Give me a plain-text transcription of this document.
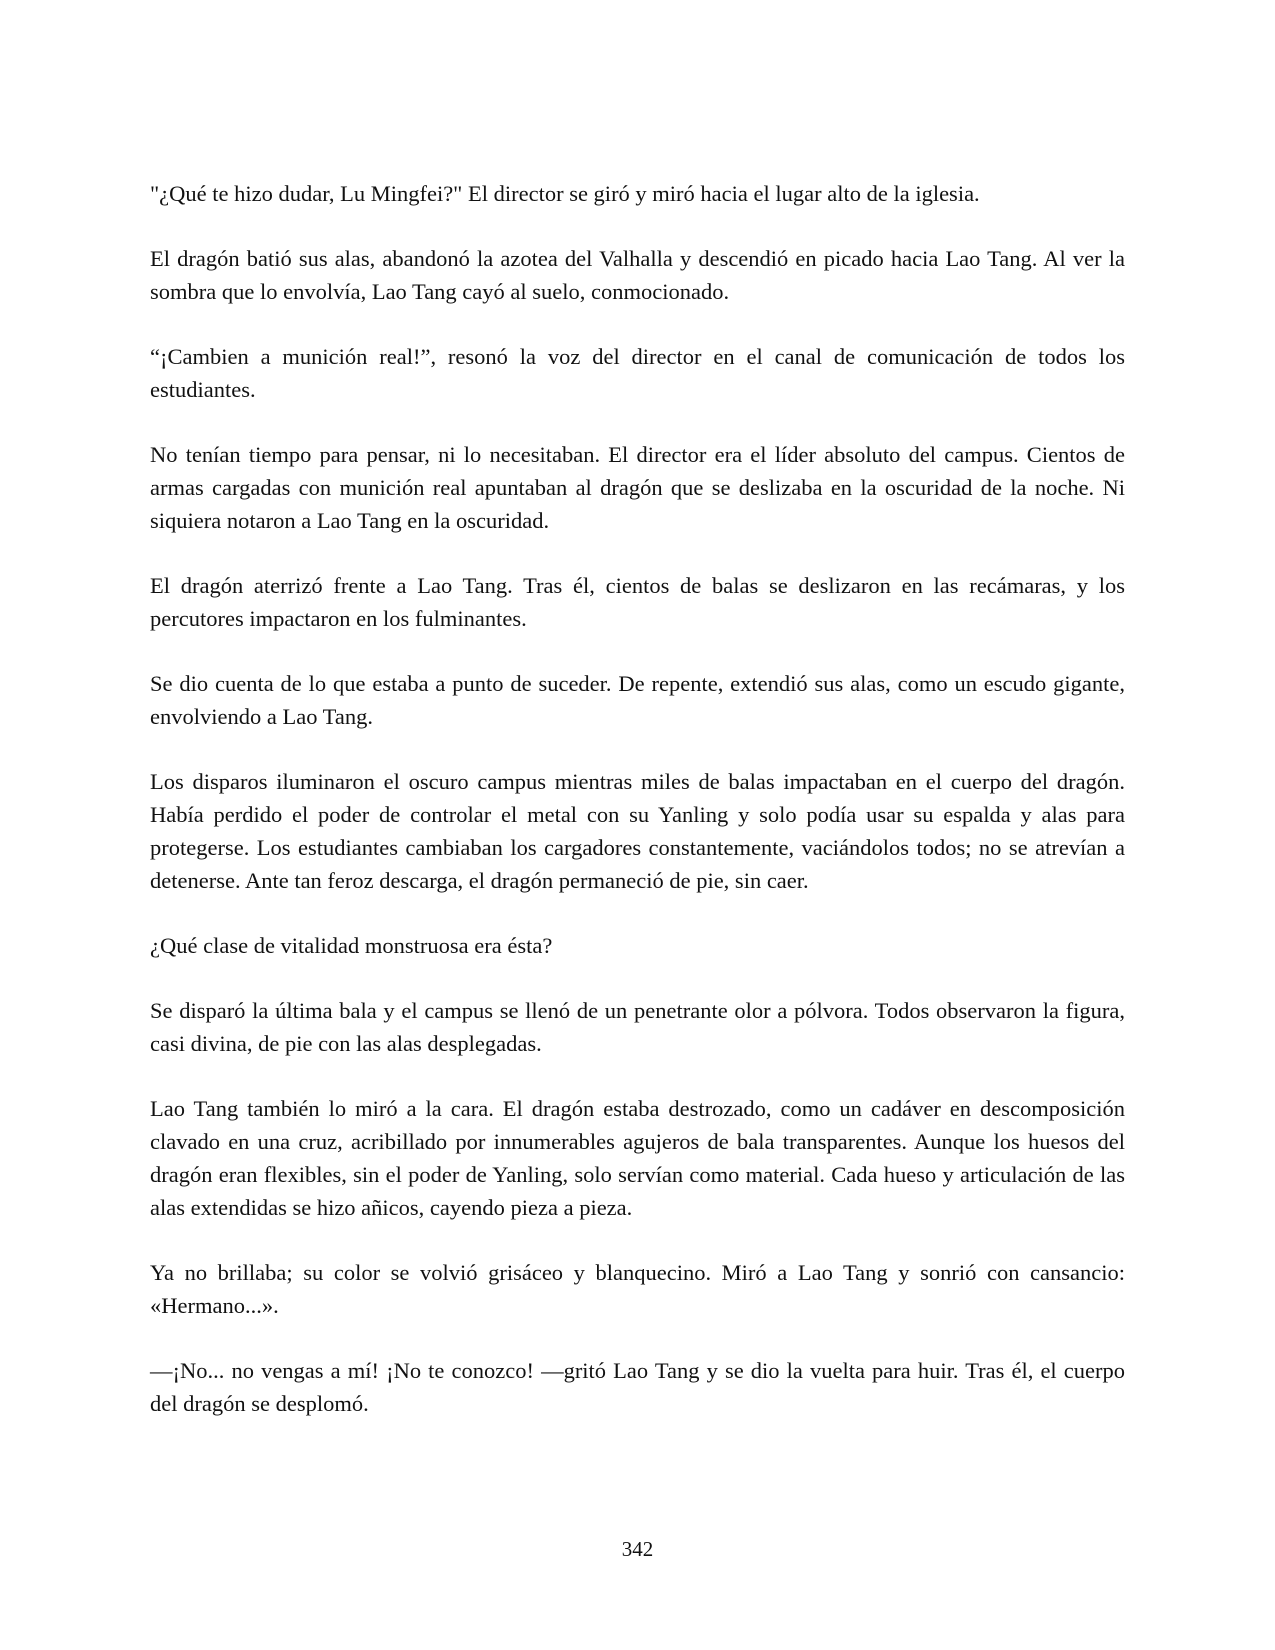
"¿Qué te hizo dudar, Lu Mingfei?" El director se giró y miró hacia el lugar alto de la iglesia.

El dragón batió sus alas, abandonó la azotea del Valhalla y descendió en picado hacia Lao Tang. Al ver la sombra que lo envolvía, Lao Tang cayó al suelo, conmocionado.

“¡Cambien a munición real!”, resonó la voz del director en el canal de comunicación de todos los estudiantes.

No tenían tiempo para pensar, ni lo necesitaban. El director era el líder absoluto del campus. Cientos de armas cargadas con munición real apuntaban al dragón que se deslizaba en la oscuridad de la noche. Ni siquiera notaron a Lao Tang en la oscuridad.

El dragón aterrizó frente a Lao Tang. Tras él, cientos de balas se deslizaron en las recámaras, y los percutores impactaron en los fulminantes.

Se dio cuenta de lo que estaba a punto de suceder. De repente, extendió sus alas, como un escudo gigante, envolviendo a Lao Tang.

Los disparos iluminaron el oscuro campus mientras miles de balas impactaban en el cuerpo del dragón. Había perdido el poder de controlar el metal con su Yanling y solo podía usar su espalda y alas para protegerse. Los estudiantes cambiaban los cargadores constantemente, vaciándolos todos; no se atrevían a detenerse. Ante tan feroz descarga, el dragón permaneció de pie, sin caer.

¿Qué clase de vitalidad monstruosa era ésta?

Se disparó la última bala y el campus se llenó de un penetrante olor a pólvora. Todos observaron la figura, casi divina, de pie con las alas desplegadas.

Lao Tang también lo miró a la cara. El dragón estaba destrozado, como un cadáver en descomposición clavado en una cruz, acribillado por innumerables agujeros de bala transparentes. Aunque los huesos del dragón eran flexibles, sin el poder de Yanling, solo servían como material. Cada hueso y articulación de las alas extendidas se hizo añicos, cayendo pieza a pieza.

Ya no brillaba; su color se volvió grisáceo y blanquecino. Miró a Lao Tang y sonrió con cansancio: «Hermano...».

—¡No... no vengas a mí! ¡No te conozco! —gritó Lao Tang y se dio la vuelta para huir. Tras él, el cuerpo del dragón se desplomó.

342
